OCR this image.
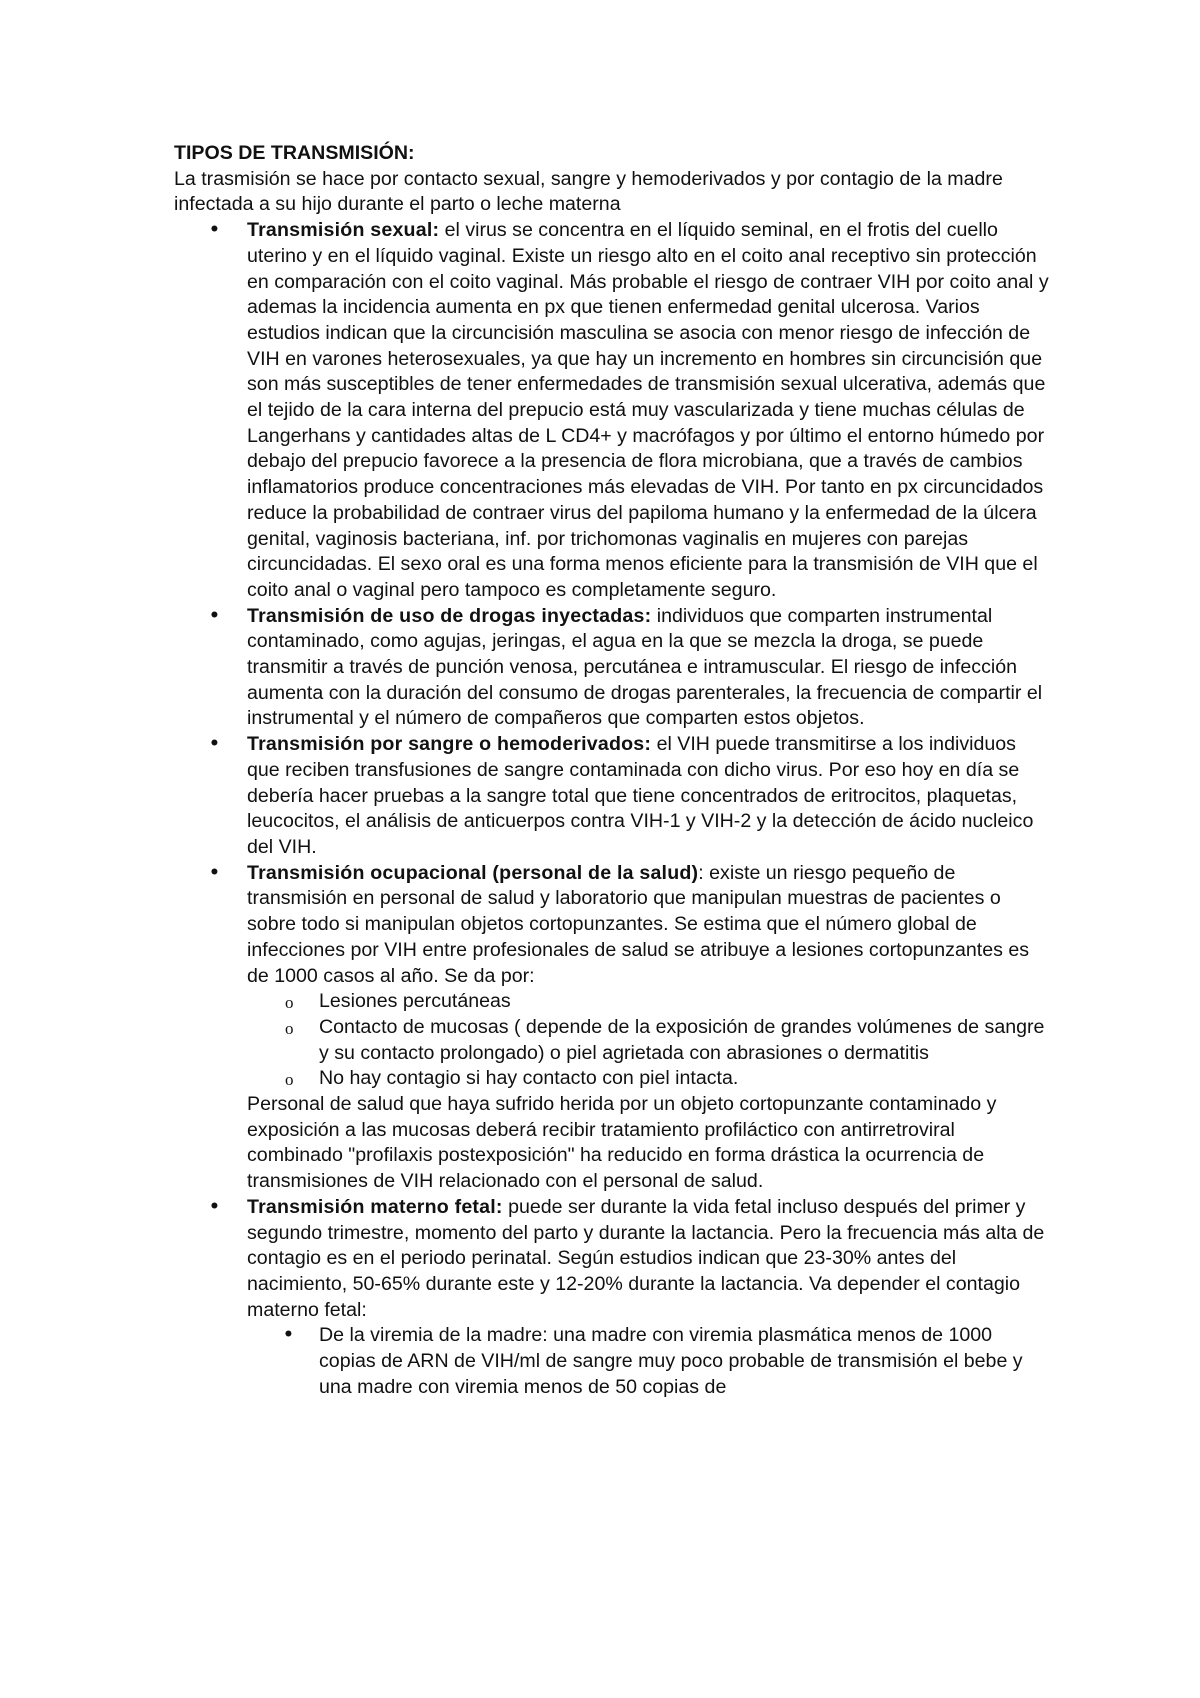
TIPOS DE TRANSMISIÓN:

La trasmisión se hace por contacto sexual, sangre y hemoderivados y por contagio de la madre infectada a su hijo durante el parto o leche materna

• Transmisión sexual: el virus se concentra en el líquido seminal, en el frotis del cuello uterino y en el líquido vaginal. Existe un riesgo alto en el coito anal receptivo sin protección en comparación con el coito vaginal. Más probable el riesgo de contraer VIH por coito anal y ademas la incidencia aumenta en px que tienen enfermedad genital ulcerosa. Varios estudios indican que la circuncisión masculina se asocia con menor riesgo de infección de VIH en varones heterosexuales, ya que hay un incremento en hombres sin circuncisión que son más susceptibles de tener enfermedades de transmisión sexual ulcerativa, además que el tejido de la cara interna del prepucio está muy vascularizada y tiene muchas células de Langerhans y cantidades altas de L CD4+ y macrófagos y por último el entorno húmedo por debajo del prepucio favorece a la presencia de flora microbiana, que a través de cambios inflamatorios produce concentraciones más elevadas de VIH. Por tanto en px circuncidados reduce la probabilidad de contraer virus del papiloma humano y la enfermedad de la úlcera genital, vaginosis bacteriana, inf. por trichomonas vaginalis en mujeres con parejas circuncidadas. El sexo oral es una forma menos eficiente para la transmisión de VIH que el coito anal o vaginal pero tampoco es completamente seguro.
• Transmisión de uso de drogas inyectadas: individuos que comparten instrumental contaminado, como agujas, jeringas, el agua en la que se mezcla la droga, se puede transmitir a través de punción venosa, percutánea e intramuscular. El riesgo de infección aumenta con la duración del consumo de drogas parenterales, la frecuencia de compartir el instrumental y el número de compañeros que comparten estos objetos.
• Transmisión por sangre o hemoderivados: el VIH puede transmitirse a los individuos que reciben transfusiones de sangre contaminada con dicho virus. Por eso hoy en día se debería hacer pruebas a la sangre total que tiene concentrados de eritrocitos, plaquetas, leucocitos, el análisis de anticuerpos contra VIH-1 y VIH-2 y la detección de ácido nucleico del VIH.
• Transmisión ocupacional (personal de la salud): existe un riesgo pequeño de transmisión en personal de salud y laboratorio que manipulan muestras de pacientes o sobre todo si manipulan objetos cortopunzantes. Se estima que el número global de infecciones por VIH entre profesionales de salud se atribuye a lesiones cortopunzantes es de 1000 casos al año. Se da por:
o Lesiones percutáneas
o Contacto de mucosas ( depende de la exposición de grandes volúmenes de sangre y su contacto prolongado) o piel agrietada con abrasiones o dermatitis
o No hay contagio si hay contacto con piel intacta.

Personal de salud que haya sufrido herida por un objeto cortopunzante contaminado y exposición a las mucosas deberá recibir tratamiento profiláctico con antirretroviral combinado "profilaxis postexposición" ha reducido en forma drástica la ocurrencia de transmisiones de VIH relacionado con el personal de salud.

• Transmisión materno fetal: puede ser durante la vida fetal incluso después del primer y segundo trimestre, momento del parto y durante la lactancia. Pero la frecuencia más alta de contagio es en el periodo perinatal. Según estudios indican que 23-30% antes del nacimiento, 50-65% durante este y 12-20% durante la lactancia. Va depender el contagio materno fetal:
• De la viremia de la madre: una madre con viremia plasmática menos de 1000 copias de ARN de VIH/ml de sangre muy poco probable de transmisión el bebe y una madre con viremia menos de 50 copias de
